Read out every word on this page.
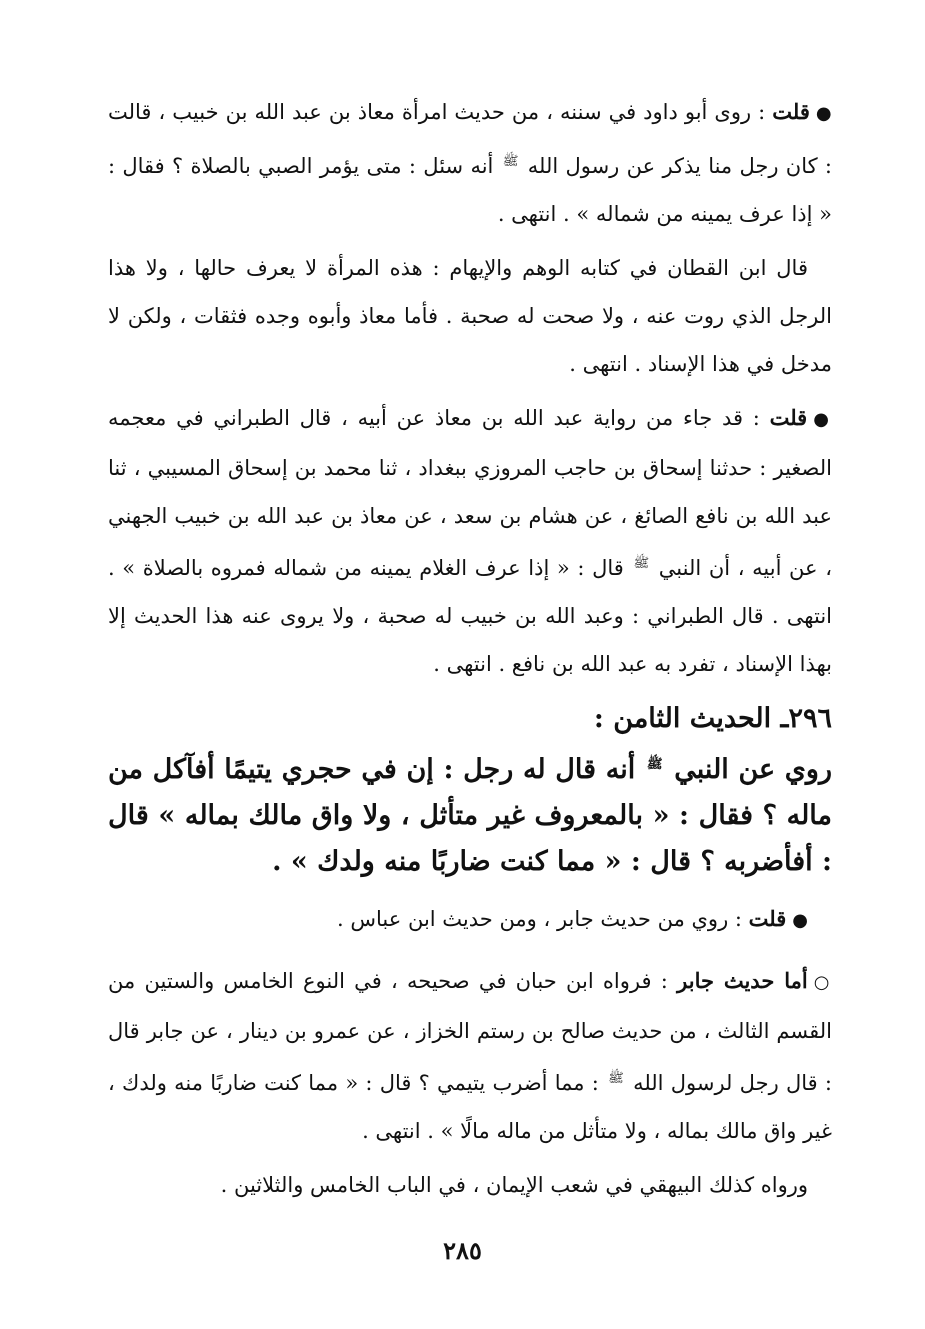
●قلت : روى أبو داود في سننه ، من حديث امرأة معاذ بن عبد الله بن خبيب ، قالت : كان رجل منا يذكر عن رسول الله $^ﷺ$ أنه سئل : متى يؤمر الصبي بالصلاة ؟ فقال : « إذا عرف يمينه من شماله » . انتهى .

قال ابن القطان في كتابه الوهم والإيهام : هذه المرأة لا يعرف حالها ، ولا هذا الرجل الذي روت عنه ، ولا صحت له صحبة . فأما معاذ وأبوه وجده فثقات ، ولكن لا مدخل في هذا الإسناد . انتهى .

●قلت : قد جاء من رواية عبد الله بن معاذ عن أبيه ، قال الطبراني في معجمه الصغير : حدثنا إسحاق بن حاجب المروزي ببغداد ، ثنا محمد بن إسحاق المسيبي ، ثنا عبد الله بن نافع الصائغ ، عن هشام بن سعد ، عن معاذ بن عبد الله بن خبيب الجهني ، عن أبيه ، أن النبي $^ﷺ$ قال : « إذا عرف الغلام يمينه من شماله فمروه بالصلاة » . انتهى . قال الطبراني : وعبد الله بن خبيب له صحبة ، ولا يروى عنه هذا الحديث إلا بهذا الإسناد ، تفرد به عبد الله بن نافع . انتهى .

٢٩٦ـ الحديث الثامن :

روي عن النبي $^ﷺ$ أنه قال له رجل : إن في حجري يتيمًا أفآكل من ماله ؟ فقال : « بالمعروف غير متأثل ، ولا واق مالك بماله » قال : أفأضربه ؟ قال : « مما كنت ضاربًا منه ولدك » .

●قلت : روي من حديث جابر ، ومن حديث ابن عباس .

○أما حديث جابر : فرواه ابن حبان في صحيحه ، في النوع الخامس والستين من القسم الثالث ، من حديث صالح بن رستم الخزاز ، عن عمرو بن دينار ، عن جابر قال : قال رجل لرسول الله $^ﷺ$ : مما أضرب يتيمي ؟ قال : « مما كنت ضاربًا منه ولدك ، غير واق مالك بماله ، ولا متأثل من ماله مالًا » . انتهى .

ورواه كذلك البيهقي في شعب الإيمان ، في الباب الخامس والثلاثين .

٢٨٥
